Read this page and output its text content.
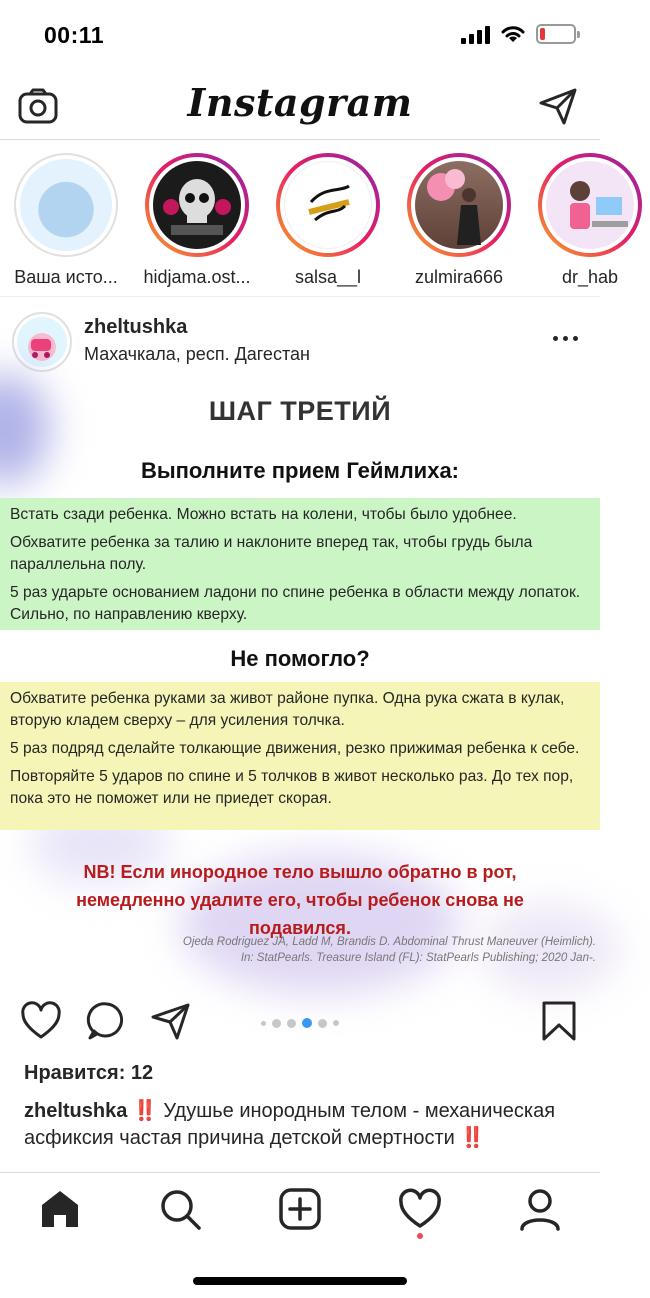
00:11
Instagram
Ваша исто...	hidjama.ost...	salsa__l	zulmira666	dr_hab
zheltushka
Махачкала, респ. Дагестан
ШАГ ТРЕТИЙ
Выполните прием Геймлиха:

Встать сзади ребенка. Можно встать на колени, чтобы было удобнее.

Обхватите ребенка за талию и наклоните вперед так, чтобы грудь была параллельна полу.

5 раз ударьте основанием ладони по спине ребенка в области между лопаток. Сильно, по направлению кверху.

Не помогло?

Обхватите ребенка руками за живот районе пупка. Одна рука сжата в кулак, вторую кладем сверху – для усиления толчка.

5 раз подряд сделайте толкающие движения, резко прижимая ребенка к себе.

Повторяйте 5 ударов по спине и 5 толчков в живот несколько раз. До тех пор, пока это не поможет или не приедет скорая.

NB! Если инородное тело вышло обратно в рот, немедленно удалите его, чтобы ребенок снова не подавился.
Ojeda Rodriguez JA, Ladd M, Brandis D. Abdominal Thrust Maneuver (Heimlich).
In: StatPearls. Treasure Island (FL): StatPearls Publishing; 2020 Jan-.
Нравится: 12
zheltushka ‼️ Удушье инородным телом - механическая асфиксия частая причина детской смертности ‼️
